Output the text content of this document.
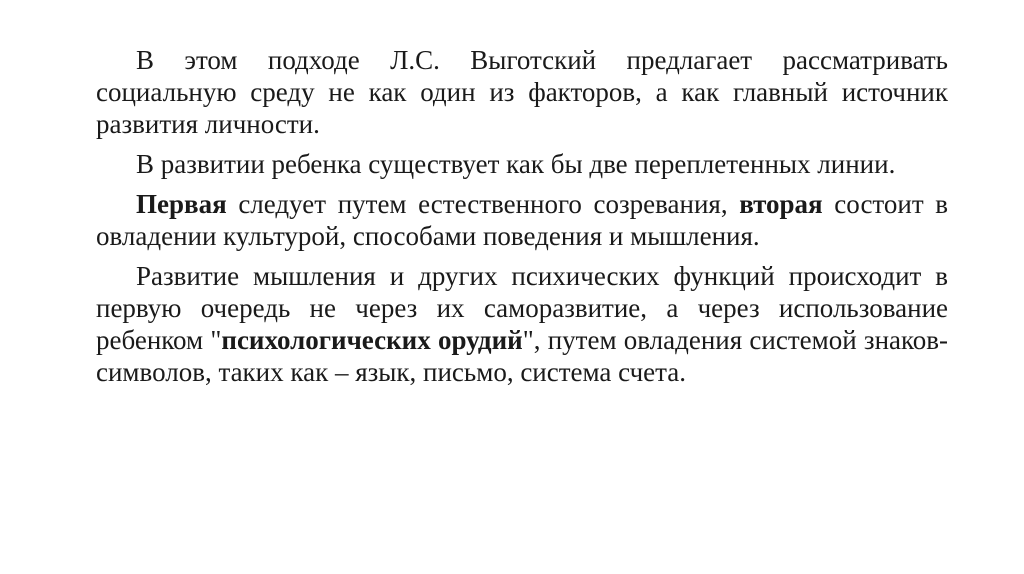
В этом подходе Л.С. Выготский предлагает рассматривать социальную среду не как один из факторов, а как главный источник развития личности.

В развитии ребенка существует как бы две переплетенных линии.

Первая следует путем естественного созревания, вторая состоит в овладении культурой, способами поведения и мышления.

Развитие мышления и других психических функций происходит в первую очередь не через их саморазвитие, а через использование ребенком "психологических орудий", путем овладения системой знаков-символов, таких как – язык, письмо, система счета.
